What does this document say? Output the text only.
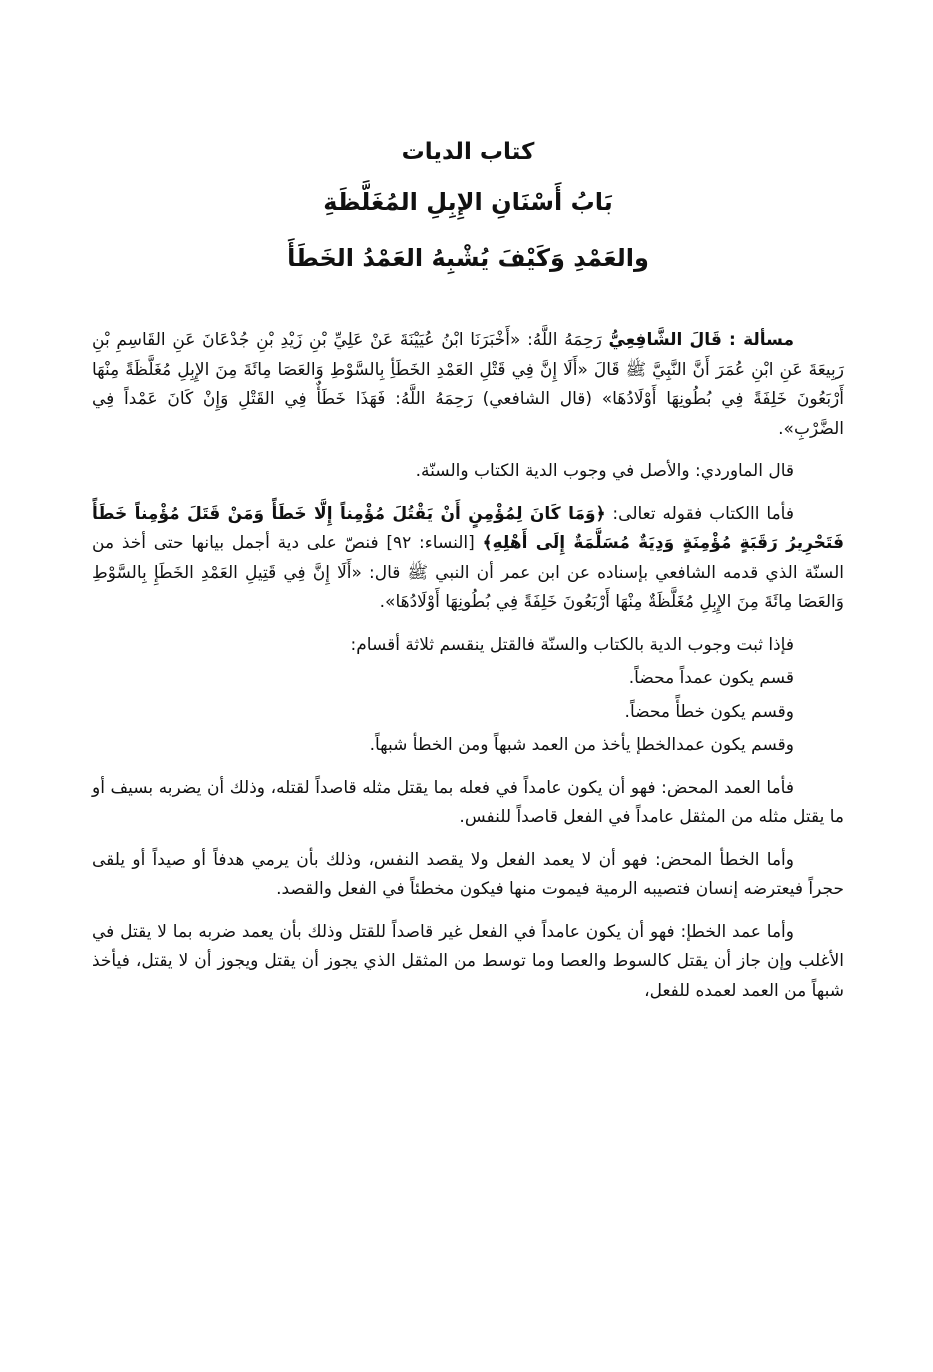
كتاب الديات

بَابُ أَسْنَانِ الإِبِلِ المُغَلَّظَةِ

والعَمْدِ وَكَيْفَ يُشْبِهُ العَمْدُ الخَطَأَ

مسألة : قَالَ الشَّافِعِيُّ رَحِمَهُ اللَّهُ: «أَخْبَرَنَا ابْنُ عُيَيْنَةَ عَنْ عَلِيِّ بْنِ زَيْدِ بْنِ جُدْعَانَ عَنِ القَاسِمِ بْنِ رَبِيعَةَ عَنِ ابْنِ عُمَرَ أَنَّ النَّبِيَّ ﷺ قَالَ «أَلَا إِنَّ فِي قَتْلِ العَمْدِ الخَطَأِ بِالسَّوْطِ وَالعَصَا مِائَةَ مِنَ الإِبِلِ مُغَلَّظَةً مِنْهَا أَرْبَعُونَ خَلِفَةً فِي بُطُونِهَا أَوْلَادُهَا» (قال الشافعي) رَحِمَهُ اللَّهُ: فَهَذَا خَطَأٌ فِي القَتْلِ وَإِنْ كَانَ عَمْداً فِي الضَّرْبِ».

قال الماوردي: والأصل في وجوب الدية الكتاب والسنّة.

فأما االكتاب فقوله تعالى: ﴿وَمَا كَانَ لِمُؤْمِنٍ أَنْ يَقْتُلَ مُؤْمِناً إِلَّا خَطَأً وَمَنْ قَتَلَ مُؤْمِناً خَطَأً فَتَحْرِيرُ رَقَبَةٍ مُؤْمِنَةٍ وَدِيَةٌ مُسَلَّمَةٌ إِلَى أَهْلِهِ﴾ [النساء: ٩٢] فنصّ على دية أجمل بيانها حتى أخذ من السنّة الذي قدمه الشافعي بإسناده عن ابن عمر أن النبي ﷺ قال: «أَلَا إِنَّ فِي قَتِيلِ العَمْدِ الخَطَإِ بِالسَّوْطِ وَالعَصَا مِائَةَ مِنَ الإِبِلِ مُغَلَّظَةٌ مِنْهَا أَرْبَعُونَ خَلِفَةً فِي بُطُونِهَا أَوْلَادُهَا».

فإذا ثبت وجوب الدية بالكتاب والسنّة فالقتل ينقسم ثلاثة أقسام:

قسم يكون عمداً محضاً.

وقسم يكون خطأً محضاً.

وقسم يكون عمدالخطإ يأخذ من العمد شبهاً ومن الخطأ شبهاً.

فأما العمد المحض: فهو أن يكون عامداً في فعله بما يقتل مثله قاصداً لقتله، وذلك أن يضربه بسيف أو ما يقتل مثله من المثقل عامداً في الفعل قاصداً للنفس.

وأما الخطأ المحض: فهو أن لا يعمد الفعل ولا يقصد النفس، وذلك بأن يرمي هدفاً أو صيداً أو يلقى حجراً فيعترضه إنسان فتصيبه الرمية فيموت منها فيكون مخطئاً في الفعل والقصد.

وأما عمد الخطإ: فهو أن يكون عامداً في الفعل غير قاصداً للقتل وذلك بأن يعمد ضربه بما لا يقتل في الأغلب وإن جاز أن يقتل كالسوط والعصا وما توسط من المثقل الذي يجوز أن يقتل ويجوز أن لا يقتل، فيأخذ شبهاً من العمد لعمده للفعل،
